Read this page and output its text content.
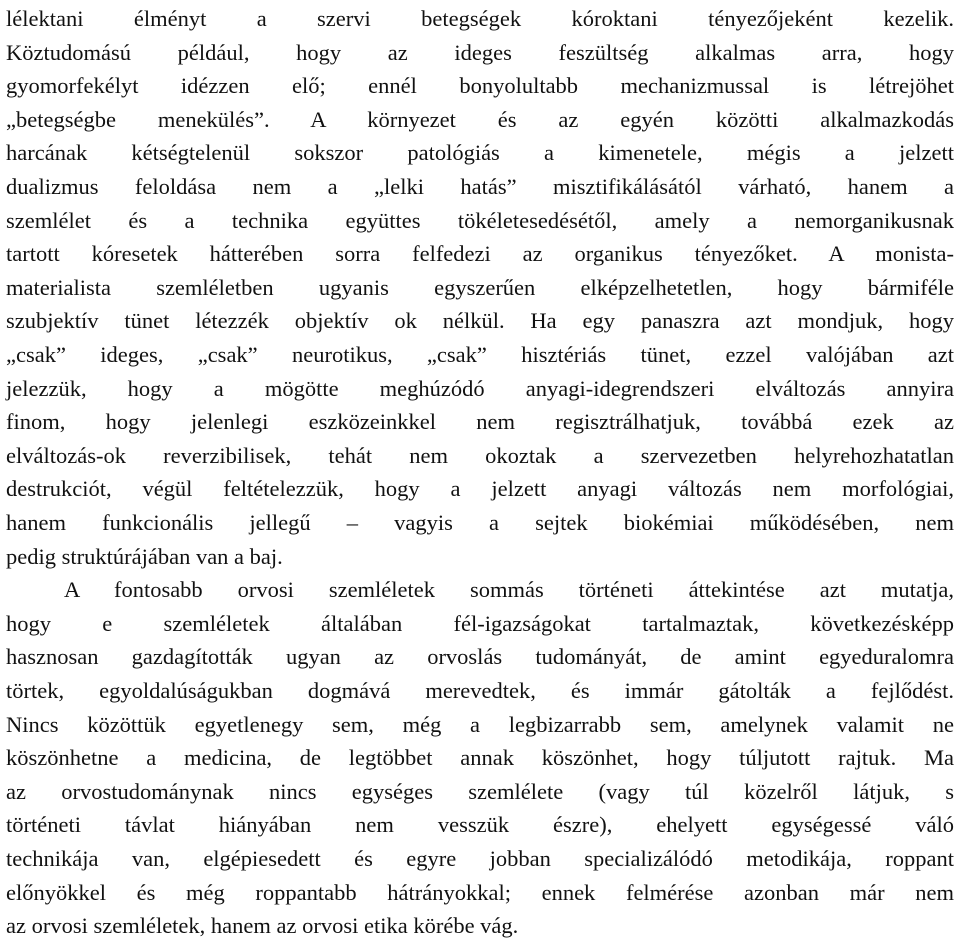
lélektani élményt a szervi betegségek kóroktani tényezőjeként kezelik.
Köztudomású például, hogy az ideges feszültség alkalmas arra, hogy
gyomorfekélyt idézzen elő; ennél bonyolultabb mechanizmussal is létrejöhet
„betegségbe menekülés”. A környezet és az egyén közötti alkalmazkodás
harcának kétségtelenül sokszor patológiás a kimenetele, mégis a jelzett
dualizmus feloldása nem a „lelki hatás” misztifikálásától várható, hanem a
szemlélet és a technika együttes tökéletesedésétől, amely a nemorganikusnak
tartott kóresetek hátterében sorra felfedezi az organikus tényezőket. A monista-
materialista szemléletben ugyanis egyszerűen elképzelhetetlen, hogy bármiféle
szubjektív tünet létezzék objektív ok nélkül. Ha egy panaszra azt mondjuk, hogy
„csak” ideges, „csak” neurotikus, „csak” hisztériás tünet, ezzel valójában azt
jelezzük, hogy a mögötte meghúzódó anyagi-idegrendszeri elváltozás annyira
finom, hogy jelenlegi eszközeinkkel nem regisztrálhatjuk, továbbá ezek az
elváltozás-ok reverzibilisek, tehát nem okoztak a szervezetben helyrehozhatatlan
destrukciót, végül feltételezzük, hogy a jelzett anyagi változás nem morfológiai,
hanem funkcionális jellegű – vagyis a sejtek biokémiai működésében, nem
pedig struktúrájában van a baj.
A fontosabb orvosi szemléletek sommás történeti áttekintése azt mutatja,
hogy e szemléletek általában fél-igazságokat tartalmaztak, következésképp
hasznosan gazdagították ugyan az orvoslás tudományát, de amint egyeduralomra
törtek, egyoldalúságukban dogmává merevedtek, és immár gátolták a fejlődést.
Nincs közöttük egyetlenegy sem, még a legbizarrabb sem, amelynek valamit ne
köszönhetne a medicina, de legtöbbet annak köszönhet, hogy túljutott rajtuk. Ma
az orvostudománynak nincs egységes szemlélete (vagy túl közelről látjuk, s
történeti távlat hiányában nem vesszük észre), ehelyett egységessé váló
technikája van, elgépiesedett és egyre jobban specializálódó metodikája, roppant
előnyökkel és még roppantabb hátrányokkal; ennek felmérése azonban már nem
az orvosi szemléletek, hanem az orvosi etika körébe vág.
